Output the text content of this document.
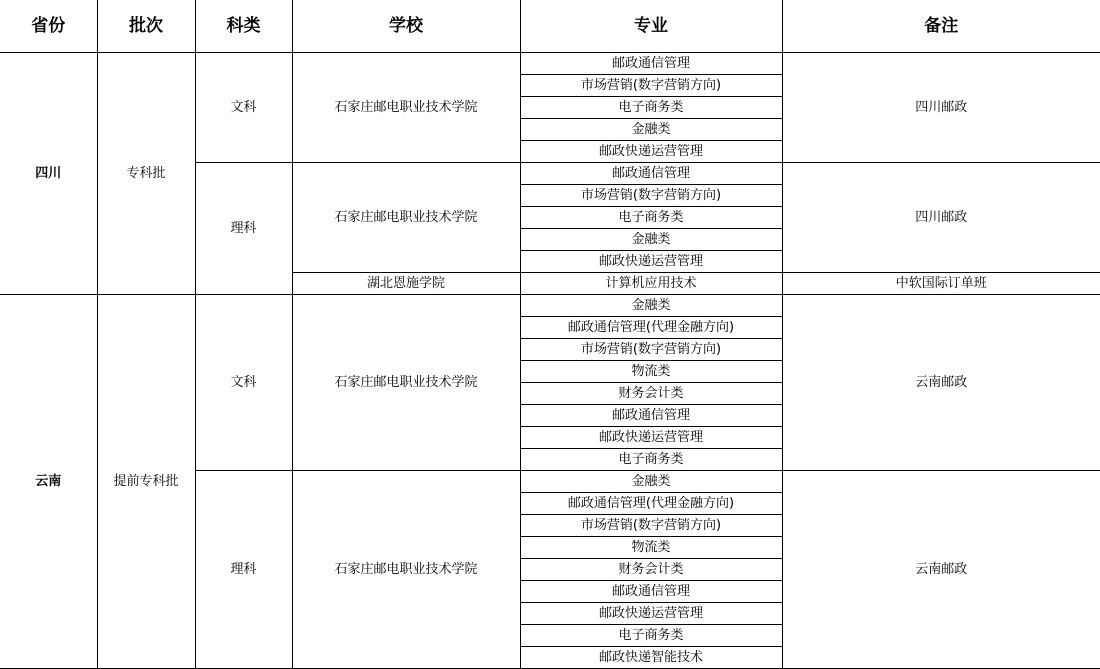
省份	批次	科类	学校	专业	备注
四川	专科批	文科	石家庄邮电职业技术学院	邮政通信管理	四川邮政
				市场营销(数字营销方向)	
				电子商务类	
				金融类	
				邮政快递运营管理	
		理科	石家庄邮电职业技术学院	邮政通信管理	四川邮政
				市场营销(数字营销方向)	
				电子商务类	
				金融类	
				邮政快递运营管理	
			湖北恩施学院	计算机应用技术	中软国际订单班
云南	提前专科批	文科	石家庄邮电职业技术学院	金融类	云南邮政
				邮政通信管理(代理金融方向)	
				市场营销(数字营销方向)	
				物流类	
				财务会计类	
				邮政通信管理	
				邮政快递运营管理	
				电子商务类	
		理科	石家庄邮电职业技术学院	金融类	云南邮政
				邮政通信管理(代理金融方向)	
				市场营销(数字营销方向)	
				物流类	
				财务会计类	
				邮政通信管理	
				邮政快递运营管理	
				电子商务类	
				邮政快递智能技术	
